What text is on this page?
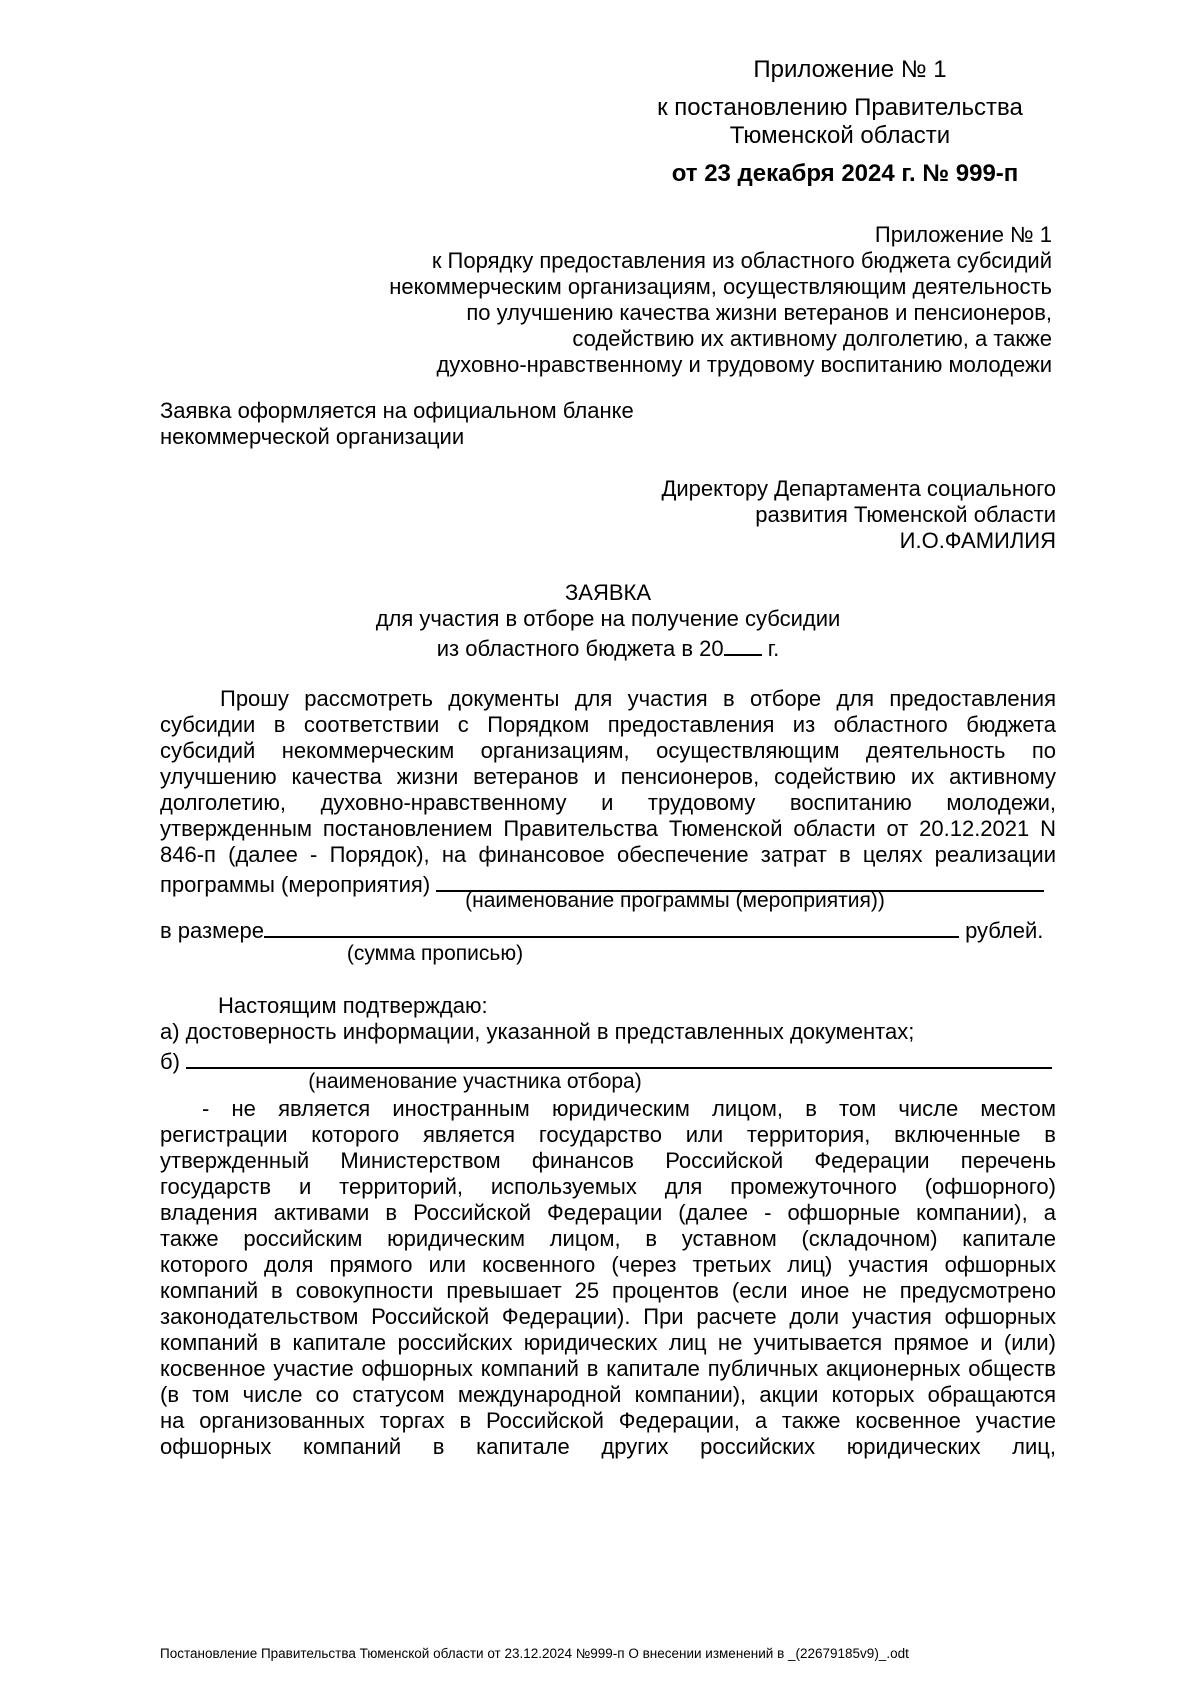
Приложение № 1
к постановлению Правительства
Тюменской области
от 23 декабря 2024 г. № 999-п
Приложение № 1
к Порядку предоставления из областного бюджета субсидий
некоммерческим организациям, осуществляющим деятельность
по улучшению качества жизни ветеранов и пенсионеров,
содействию их активному долголетию, а также
духовно-нравственному и трудовому воспитанию молодежи
Заявка оформляется на официальном бланке
некоммерческой организации
Директору Департамента социального
развития Тюменской области
И.О.ФАМИЛИЯ
ЗАЯВКА
для участия в отборе на получение субсидии
из областного бюджета в 20 г.
Прошу рассмотреть документы для участия в отборе для предоставления
субсидии в соответствии с Порядком предоставления из областного бюджета
субсидий некоммерческим организациям, осуществляющим деятельность по
улучшению качества жизни ветеранов и пенсионеров, содействию их активному
долголетию, духовно-нравственному и трудовому воспитанию молодежи,
утвержденным постановлением Правительства Тюменской области от 20.12.2021 N
846-п (далее - Порядок), на финансовое обеспечение затрат в целях реализации
программы (мероприятия)
(наименование программы (мероприятия))
в размере	рублей.
(сумма прописью)
Настоящим подтверждаю:
а) достоверность информации, указанной в представленных документах;
б)
(наименование участника отбора)
- не является иностранным юридическим лицом, в том числе местом
регистрации которого является государство или территория, включенные в
утвержденный Министерством финансов Российской Федерации перечень
государств и территорий, используемых для промежуточного (офшорного)
владения активами в Российской Федерации (далее - офшорные компании), а
также российским юридическим лицом, в уставном (складочном) капитале
которого доля прямого или косвенного (через третьих лиц) участия офшорных
компаний в совокупности превышает 25 процентов (если иное не предусмотрено
законодательством Российской Федерации). При расчете доли участия офшорных
компаний в капитале российских юридических лиц не учитывается прямое и (или)
косвенное участие офшорных компаний в капитале публичных акционерных обществ
(в том числе со статусом международной компании), акции которых обращаются
на организованных торгах в Российской Федерации, а также косвенное участие
офшорных компаний в капитале других российских юридических лиц,
Постановление Правительства Тюменской области от 23.12.2024 №999-п О внесении изменений в _(22679185v9)_.odt
